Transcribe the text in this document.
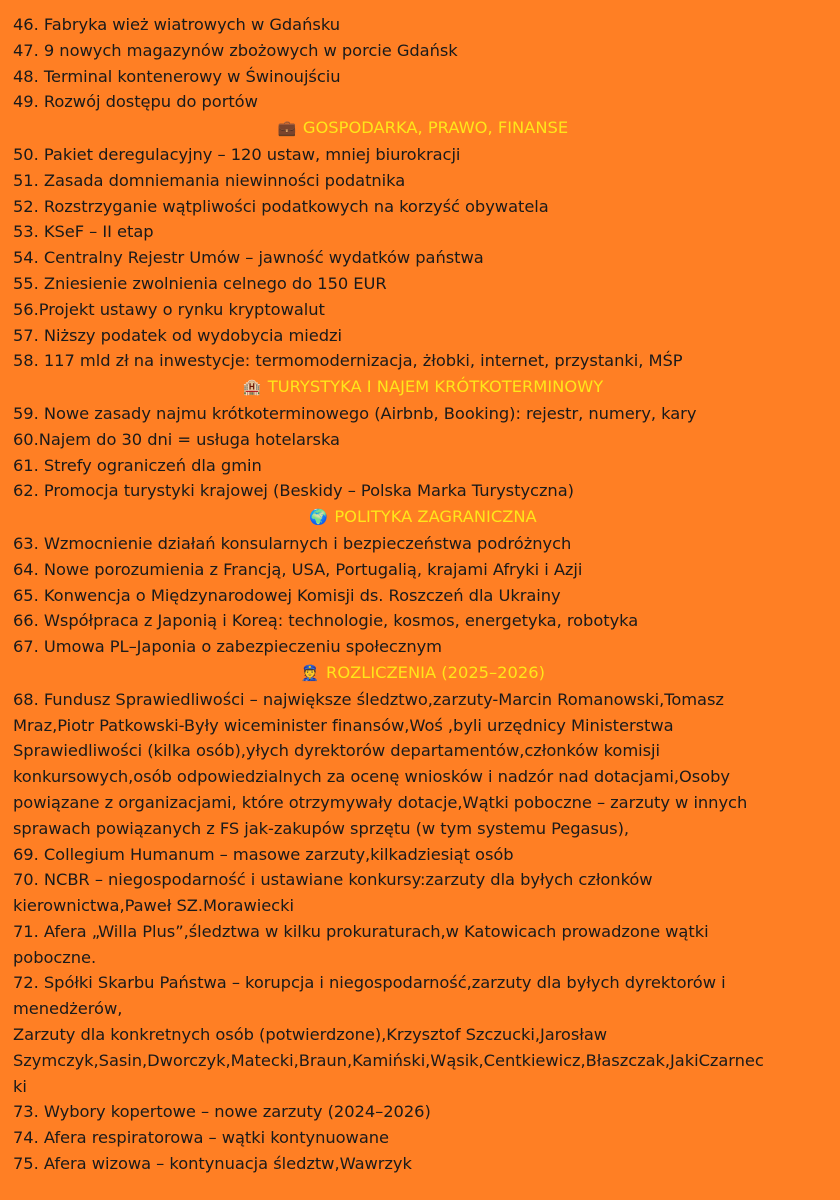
46. Fabryka wież wiatrowych w Gdańsku
47. 9 nowych magazynów zbożowych w porcie Gdańsk
48. Terminal kontenerowy w Świnoujściu
49. Rozwój dostępu do portów
💼 GOSPODARKA, PRAWO, FINANSE
50. Pakiet deregulacyjny – 120 ustaw, mniej biurokracji
51. Zasada domniemania niewinności podatnika
52. Rozstrzyganie wątpliwości podatkowych na korzyść obywatela
53. KSeF – II etap
54. Centralny Rejestr Umów – jawność wydatków państwa
55. Zniesienie zwolnienia celnego do 150 EUR
56.Projekt ustawy o rynku kryptowalut
57. Niższy podatek od wydobycia miedzi
58. 117 mld zł na inwestycje: termomodernizacja, żłobki, internet, przystanki, MŚP
🏨 TURYSTYKA I NAJEM KRÓTKOTERMINOWY
59. Nowe zasady najmu krótkoterminowego (Airbnb, Booking): rejestr, numery, kary
60.Najem do 30 dni = usługa hotelarska
61. Strefy ograniczeń dla gmin
62. Promocja turystyki krajowej (Beskidy – Polska Marka Turystyczna)
🌍 POLITYKA ZAGRANICZNA
63. Wzmocnienie działań konsularnych i bezpieczeństwa podróżnych
64. Nowe porozumienia z Francją, USA, Portugalią, krajami Afryki i Azji
65. Konwencja o Międzynarodowej Komisji ds. Roszczeń dla Ukrainy
66. Współpraca z Japonią i Koreą: technologie, kosmos, energetyka, robotyka
67. Umowa PL–Japonia o zabezpieczeniu społecznym
👮 ROZLICZENIA (2025–2026)
68. Fundusz Sprawiedliwości – największe śledztwo,zarzuty-Marcin Romanowski,Tomasz
Mraz,Piotr Patkowski-Były wiceminister finansów,Woś ,byli urzędnicy Ministerstwa
Sprawiedliwości (kilka osób),yłych dyrektorów departamentów,członków komisji
konkursowych,osób odpowiedzialnych za ocenę wniosków i nadzór nad dotacjami,Osoby
powiązane z organizacjami, które otrzymywały dotacje,Wątki poboczne – zarzuty w innych
sprawach powiązanych z FS jak-zakupów sprzętu (w tym systemu Pegasus),
69. Collegium Humanum – masowe zarzuty,kilkadziesiąt osób
70. NCBR – niegospodarność i ustawiane konkursy:zarzuty dla byłych członków
kierownictwa,Paweł SZ.Morawiecki
71. Afera „Willa Plus”,śledztwa w kilku prokuraturach,w Katowicach prowadzone wątki
poboczne.
72. Spółki Skarbu Państwa – korupcja i niegospodarność,zarzuty dla byłych dyrektorów i
menedżerów,
Zarzuty dla konkretnych osób (potwierdzone),Krzysztof Szczucki,Jarosław
Szymczyk,Sasin,Dworczyk,Matecki,Braun,Kamiński,Wąsik,Centkiewicz,Błaszczak,JakiCzarnec
ki
73. Wybory kopertowe – nowe zarzuty (2024–2026)
74. Afera respiratorowa – wątki kontynuowane
75. Afera wizowa – kontynuacja śledztw,Wawrzyk
